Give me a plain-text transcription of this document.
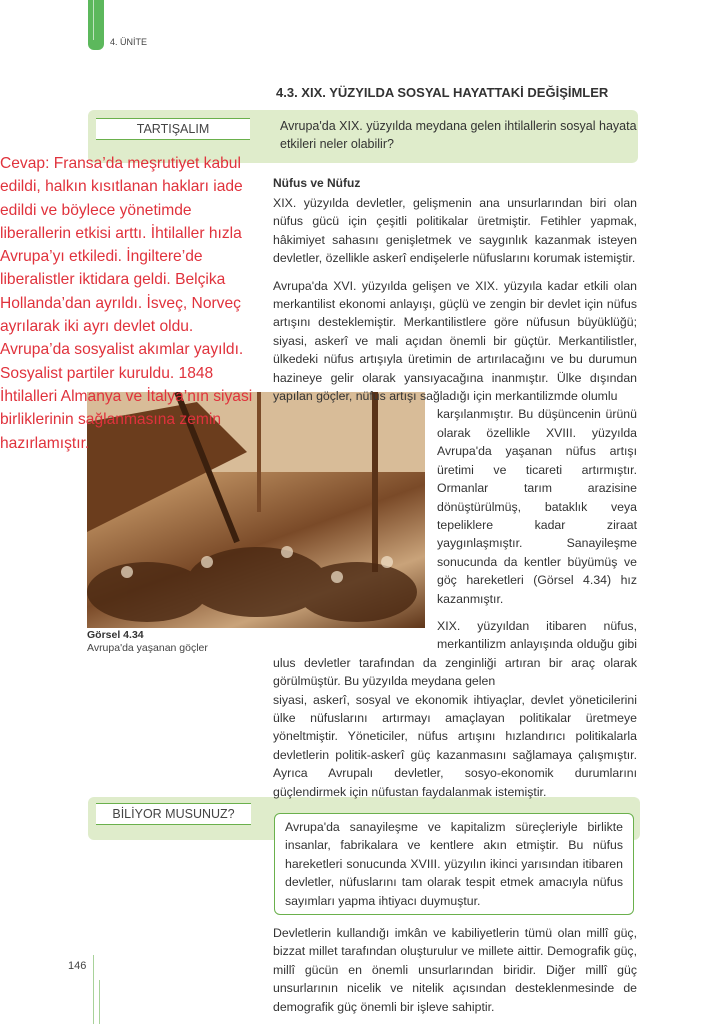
4. ÜNİTE
4.3. XIX. YÜZYILDA SOSYAL HAYATTAKİ DEĞİŞİMLER
TARTIŞALIM	Avrupa'da XIX. yüzyılda meydana gelen ihtilallerin sosyal hayata etkileri neler olabilir?
Nüfus ve Nüfuz
Görsel 4.34
Avrupa'da yaşanan göçler
BİLİYOR MUSUNUZ?
XIX. yüzyılda devletler, gelişmenin ana unsurlarından biri olan nüfus gücü için çeşitli politikalar üretmiştir. Fetihler yapmak, hâkimiyet sahasını genişletmek ve saygınlık kazanmak isteyen devletler, özellikle askerî endişelerle nüfuslarını korumak istemiştir.
Avrupa'da XVI. yüzyılda gelişen ve XIX. yüzyıla kadar etkili olan merkantilist ekonomi anlayışı, güçlü ve zengin bir devlet için nüfus artışını desteklemiştir. Merkantilistlere göre nüfusun büyüklüğü; siyasi, askerî ve mali açıdan önemli bir güçtür. Merkantilistler, ülkedeki nüfus artışıyla üretimin de artırılacağını ve bu durumun hazineye gelir olarak yansıyacağına inanmıştır. Ülke dışından yapılan göçler, nüfus artışı sağladığı için merkantilizmde olumlu
karşılanmıştır. Bu düşüncenin ürünü olarak özellikle XVIII. yüzyılda Avrupa'da yaşanan nüfus artışı üretimi ve ticareti artırmıştır. Ormanlar tarım arazisine dönüştürülmüş, bataklık veya tepeliklere kadar ziraat yaygınlaşmıştır. Sanayileşme sonucunda da kentler büyümüş ve göç hareketleri (Görsel 4.34) hız kazanmıştır.
XIX. yüzyıldan itibaren nüfus, merkantilizm anlayışında olduğu gibi ulus devletler tarafından da zenginliği artıran bir araç olarak görülmüştür. Bu yüzyılda meydana gelen
siyasi, askerî, sosyal ve ekonomik ihtiyaçlar, devlet yöneticilerini ülke nüfuslarını artırmayı amaçlayan politikalar üretmeye yöneltmiştir. Yöneticiler, nüfus artışını hızlandırıcı politikalarla devletlerin politik-askerî güç kazanmasını sağlamaya çalışmıştır. Ayrıca Avrupalı devletler, sosyo-ekonomik durumlarını güçlendirmek için nüfustan faydalanmak istemiştir.
Avrupa'da sanayileşme ve kapitalizm süreçleriyle birlikte insanlar, fabrikalara ve kentlere akın etmiştir. Bu nüfus hareketleri sonucunda XVIII. yüzyılın ikinci yarısından itibaren devletler, nüfuslarını tam olarak tespit etmek amacıyla nüfus sayımları yapma ihtiyacı duymuştur.
Devletlerin kullandığı imkân ve kabiliyetlerin tümü olan millî güç, bizzat millet tarafından oluşturulur ve millete aittir. Demografik güç, millî gücün en önemli unsurlarından biridir. Diğer millî güç unsurlarının nicelik ve nitelik açısından desteklenmesinde de demografik güç önemli bir işleve sahiptir.
Cevap: Fransa’da meşrutiyet kabul edildi, halkın kısıtlanan hakları iade edildi ve böylece yönetimde liberallerin etkisi arttı. İhtilaller hızla Avrupa’yı etkiledi. İngiltere’de liberalistler iktidara geldi. Belçika Hollanda’dan ayrıldı. İsveç, Norveç ayrılarak iki ayrı devlet oldu. Avrupa’da sosyalist akımlar yayıldı. Sosyalist partiler kuruldu. 1848 İhtilalleri Almanya ve İtalya’nın siyasi birliklerinin sağlanmasına zemin hazırlamıştır.
146
